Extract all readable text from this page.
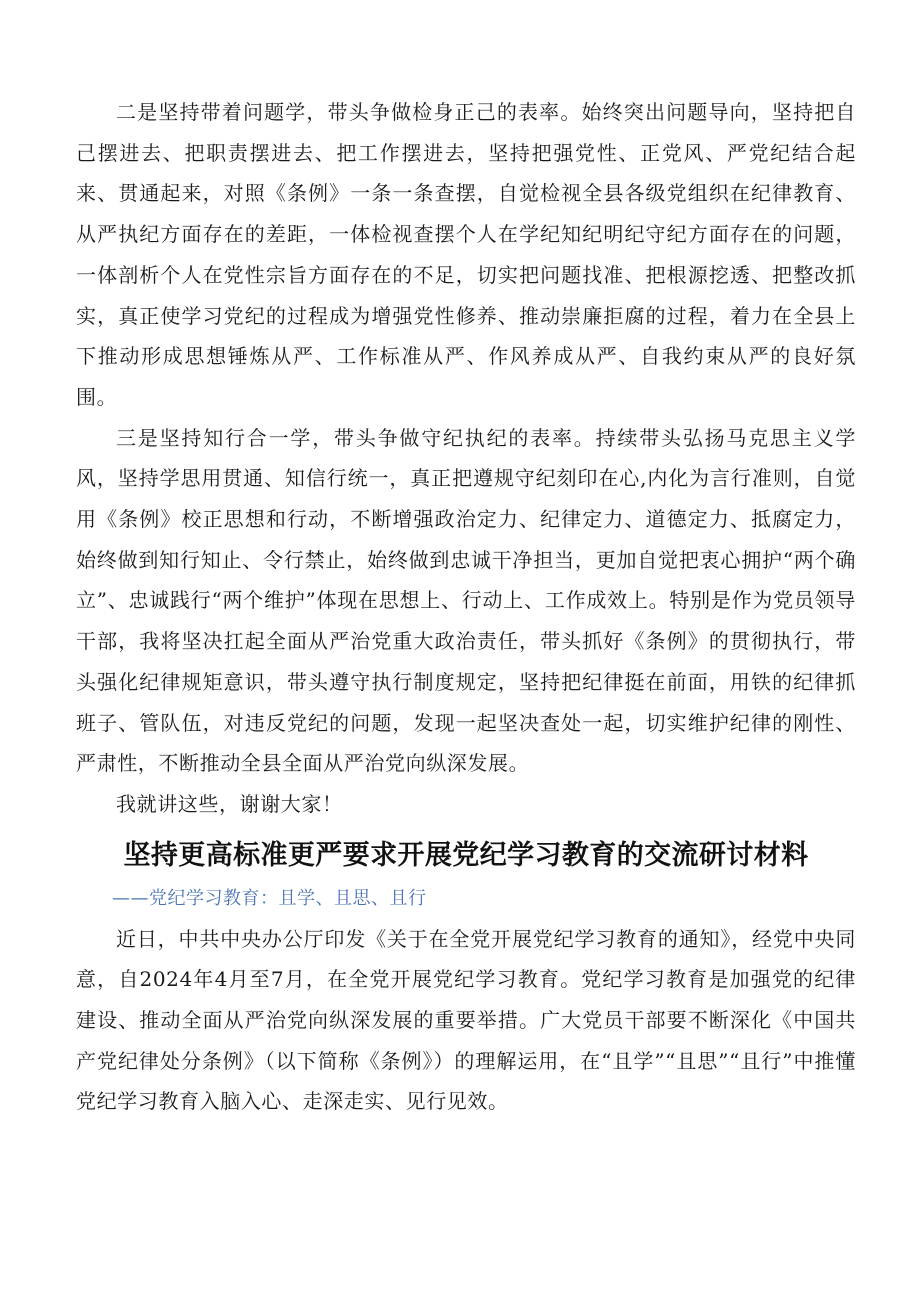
二是坚持带着问题学，带头争做检身正己的表率。始终突出问题导向，坚持把自己摆进去、把职责摆进去、把工作摆进去，坚持把强党性、正党风、严党纪结合起来、贯通起来，对照《条例》一条一条查摆，自觉检视全县各级党组织在纪律教育、从严执纪方面存在的差距，一体检视查摆个人在学纪知纪明纪守纪方面存在的问题，一体剖析个人在党性宗旨方面存在的不足，切实把问题找准、把根源挖透、把整改抓实，真正使学习党纪的过程成为增强党性修养、推动崇廉拒腐的过程，着力在全县上下推动形成思想锤炼从严、工作标准从严、作风养成从严、自我约束从严的良好氛围。

三是坚持知行合一学，带头争做守纪执纪的表率。持续带头弘扬马克思主义学风，坚持学思用贯通、知信行统一，真正把遵规守纪刻印在心,内化为言行准则，自觉用《条例》校正思想和行动，不断增强政治定力、纪律定力、道德定力、抵腐定力，始终做到知行知止、令行禁止，始终做到忠诚干净担当，更加自觉把衷心拥护“两个确立”、忠诚践行“两个维护”体现在思想上、行动上、工作成效上。特别是作为党员领导干部，我将坚决扛起全面从严治党重大政治责任，带头抓好《条例》的贯彻执行，带头强化纪律规矩意识，带头遵守执行制度规定，坚持把纪律挺在前面，用铁的纪律抓班子、管队伍，对违反党纪的问题，发现一起坚决查处一起，切实维护纪律的刚性、严肃性，不断推动全县全面从严治党向纵深发展。

我就讲这些，谢谢大家！

坚持更高标准更严要求开展党纪学习教育的交流研讨材料

——党纪学习教育：且学、且思、且行

近日，中共中央办公厅印发《关于在全党开展党纪学习教育的通知》，经党中央同意，自2024年4月至7月，在全党开展党纪学习教育。党纪学习教育是加强党的纪律建设、推动全面从严治党向纵深发展的重要举措。广大党员干部要不断深化《中国共产党纪律处分条例》（以下简称《条例》）的理解运用，在“且学”“且思”“且行”中推懂党纪学习教育入脑入心、走深走实、见行见效。
